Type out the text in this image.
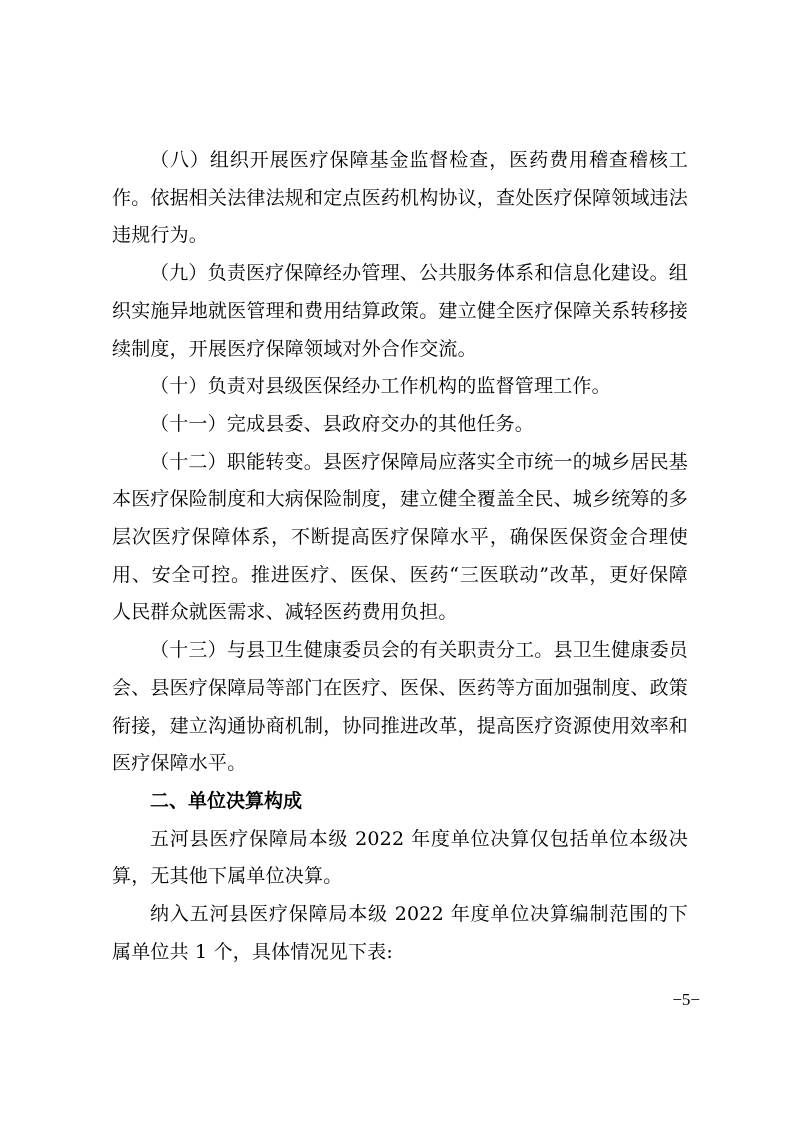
（八）组织开展医疗保障基金监督检查，医药费用稽查稽核工作。依据相关法律法规和定点医药机构协议，查处医疗保障领域违法违规行为。

（九）负责医疗保障经办管理、公共服务体系和信息化建设。组织实施异地就医管理和费用结算政策。建立健全医疗保障关系转移接续制度，开展医疗保障领域对外合作交流。

（十）负责对县级医保经办工作机构的监督管理工作。

（十一）完成县委、县政府交办的其他任务。

（十二）职能转变。县医疗保障局应落实全市统一的城乡居民基本医疗保险制度和大病保险制度，建立健全覆盖全民、城乡统筹的多层次医疗保障体系，不断提高医疗保障水平，确保医保资金合理使用、安全可控。推进医疗、医保、医药“三医联动”改革，更好保障人民群众就医需求、减轻医药费用负担。

（十三）与县卫生健康委员会的有关职责分工。县卫生健康委员会、县医疗保障局等部门在医疗、医保、医药等方面加强制度、政策衔接，建立沟通协商机制，协同推进改革，提高医疗资源使用效率和医疗保障水平。

二、单位决算构成

五河县医疗保障局本级 2022 年度单位决算仅包括单位本级决算，无其他下属单位决算。

纳入五河县医疗保障局本级 2022 年度单位决算编制范围的下属单位共 1 个，具体情况见下表:

−5−
